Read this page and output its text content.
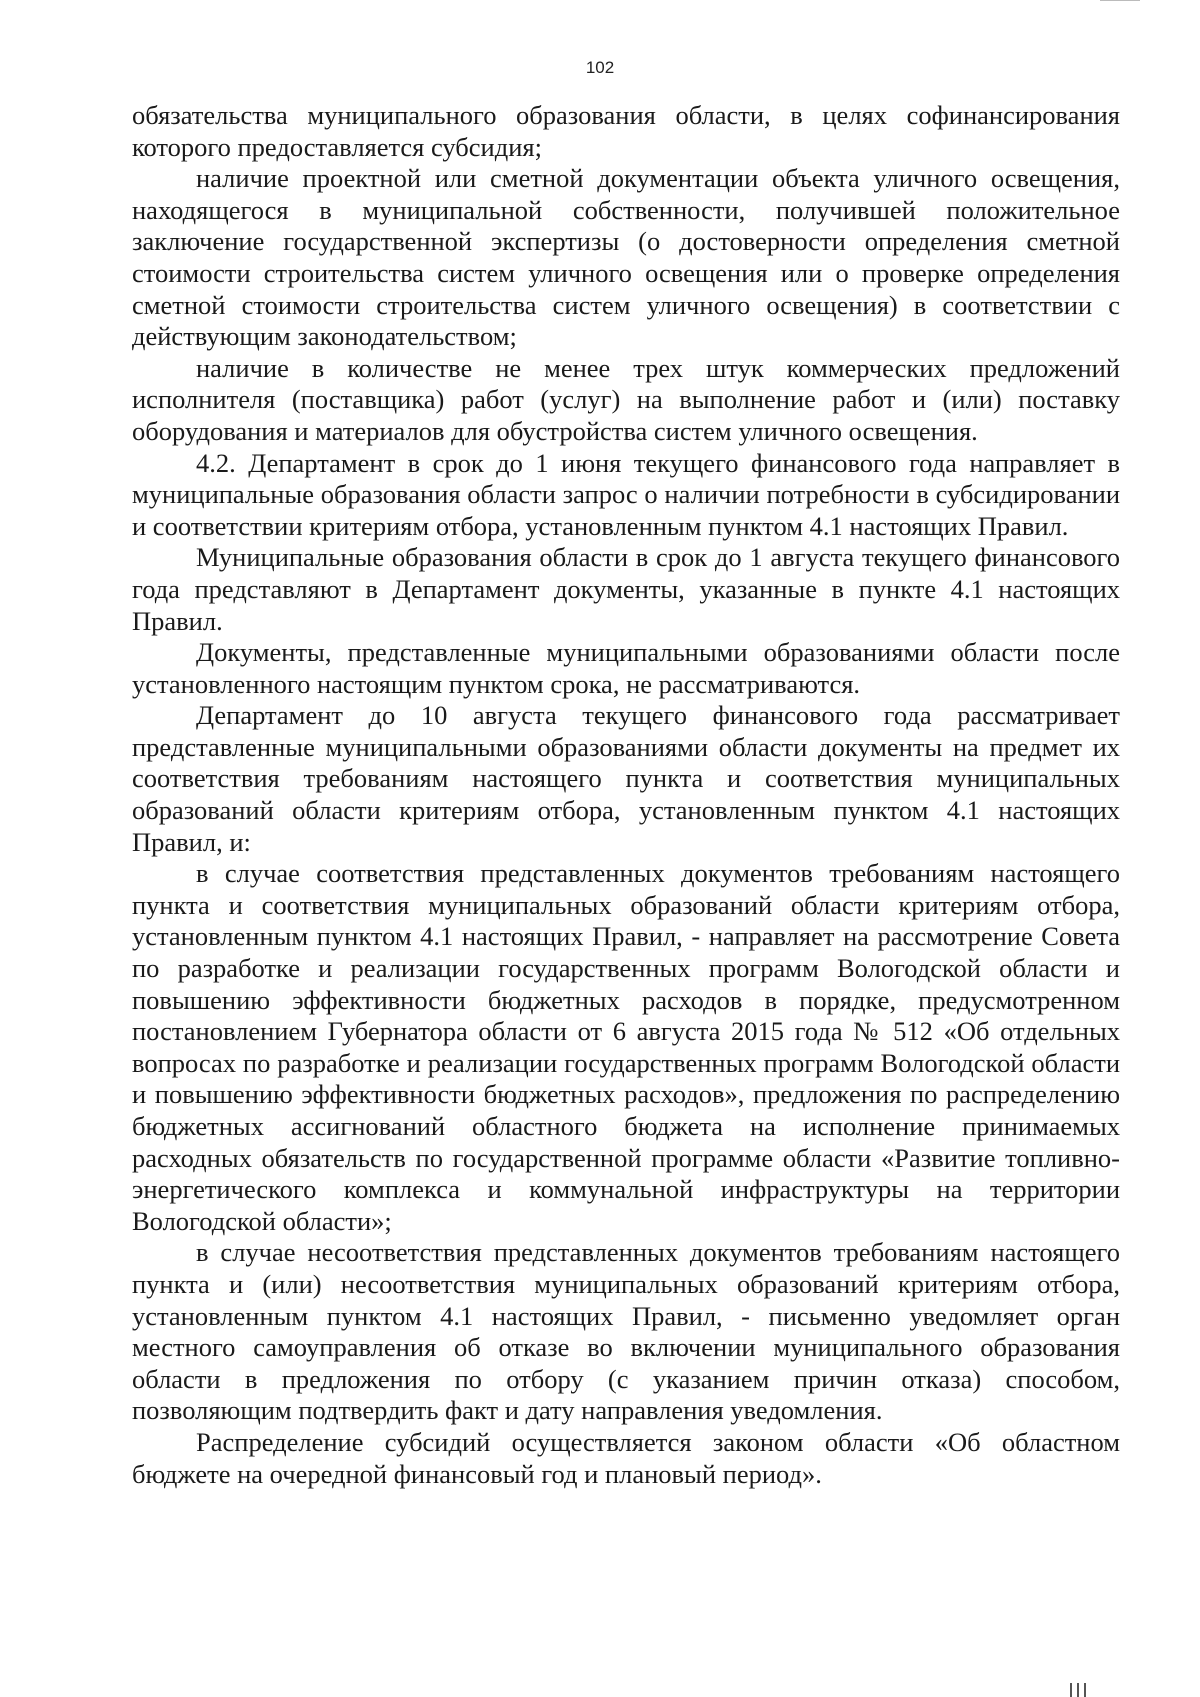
102

обязательства муниципального образования области, в целях софинансирования которого предоставляется субсидия;

наличие проектной или сметной документации объекта уличного освещения, находящегося в муниципальной собственности, получившей положительное заключение государственной экспертизы (о достоверности определения сметной стоимости строительства систем уличного освещения или о проверке определения сметной стоимости строительства систем уличного освещения) в соответствии с действующим законодательством;

наличие в количестве не менее трех штук коммерческих предложений исполнителя (поставщика) работ (услуг) на выполнение работ и (или) поставку оборудования и материалов для обустройства систем уличного освещения.

4.2. Департамент в срок до 1 июня текущего финансового года направляет в муниципальные образования области запрос о наличии потребности в субсидировании и соответствии критериям отбора, установленным пунктом 4.1 настоящих Правил.

Муниципальные образования области в срок до 1 августа текущего финансового года представляют в Департамент документы, указанные в пункте 4.1 настоящих Правил.

Документы, представленные муниципальными образованиями области после установленного настоящим пунктом срока, не рассматриваются.

Департамент до 10 августа текущего финансового года рассматривает представленные муниципальными образованиями области документы на предмет их соответствия требованиям настоящего пункта и соответствия муниципальных образований области критериям отбора, установленным пунктом 4.1 настоящих Правил, и:

в случае соответствия представленных документов требованиям настоящего пункта и соответствия муниципальных образований области критериям отбора, установленным пунктом 4.1 настоящих Правил, - направляет на рассмотрение Совета по разработке и реализации государственных программ Вологодской области и повышению эффективности бюджетных расходов в порядке, предусмотренном постановлением Губернатора области от 6 августа 2015 года № 512 «Об отдельных вопросах по разработке и реализации государственных программ Вологодской области и повышению эффективности бюджетных расходов», предложения по распределению бюджетных ассигнований областного бюджета на исполнение принимаемых расходных обязательств по государственной программе области «Развитие топливно-энергетического комплекса и коммунальной инфраструктуры на территории Вологодской области»;

в случае несоответствия представленных документов требованиям настоящего пункта и (или) несоответствия муниципальных образований критериям отбора, установленным пунктом 4.1 настоящих Правил, - письменно уведомляет орган местного самоуправления об отказе во включении муниципального образования области в предложения по отбору (с указанием причин отказа) способом, позволяющим подтвердить факт и дату направления уведомления.

Распределение субсидий осуществляется законом области «Об областном бюджете на очередной финансовый год и плановый период».
